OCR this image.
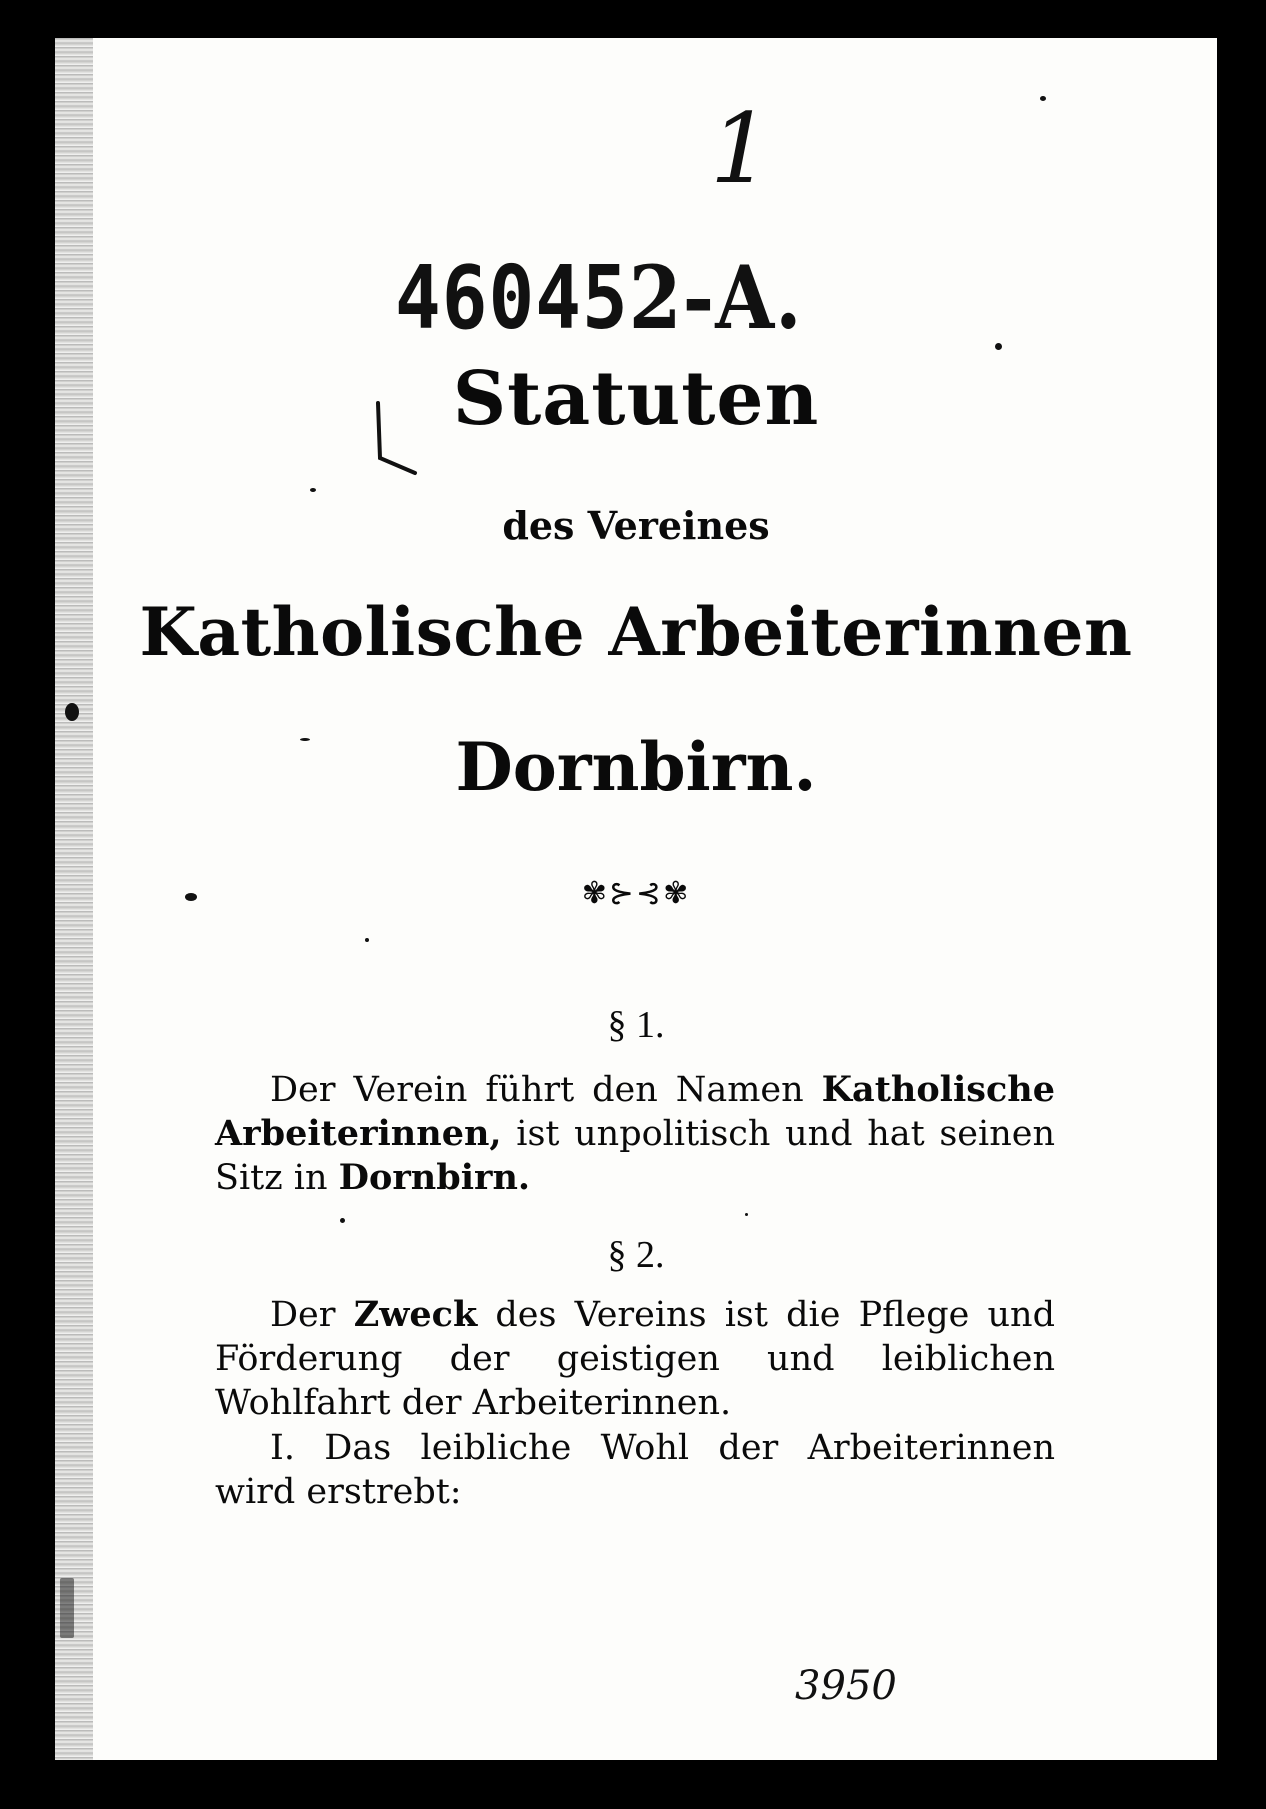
460452-A.
1
3950
Statuten
des Vereines
Katholische Arbeiterinnen
Dornbirn.
✾⊱⊰✾
§ 1.
Der Verein führt den Namen Katholische Arbeiterinnen, ist unpolitisch und hat seinen Sitz in Dornbirn.
§ 2.
Der Zweck des Vereins ist die Pflege und Förderung der geistigen und leiblichen Wohlfahrt der Arbeiterinnen.
I. Das leibliche Wohl der Arbeiterinnen wird erstrebt:
